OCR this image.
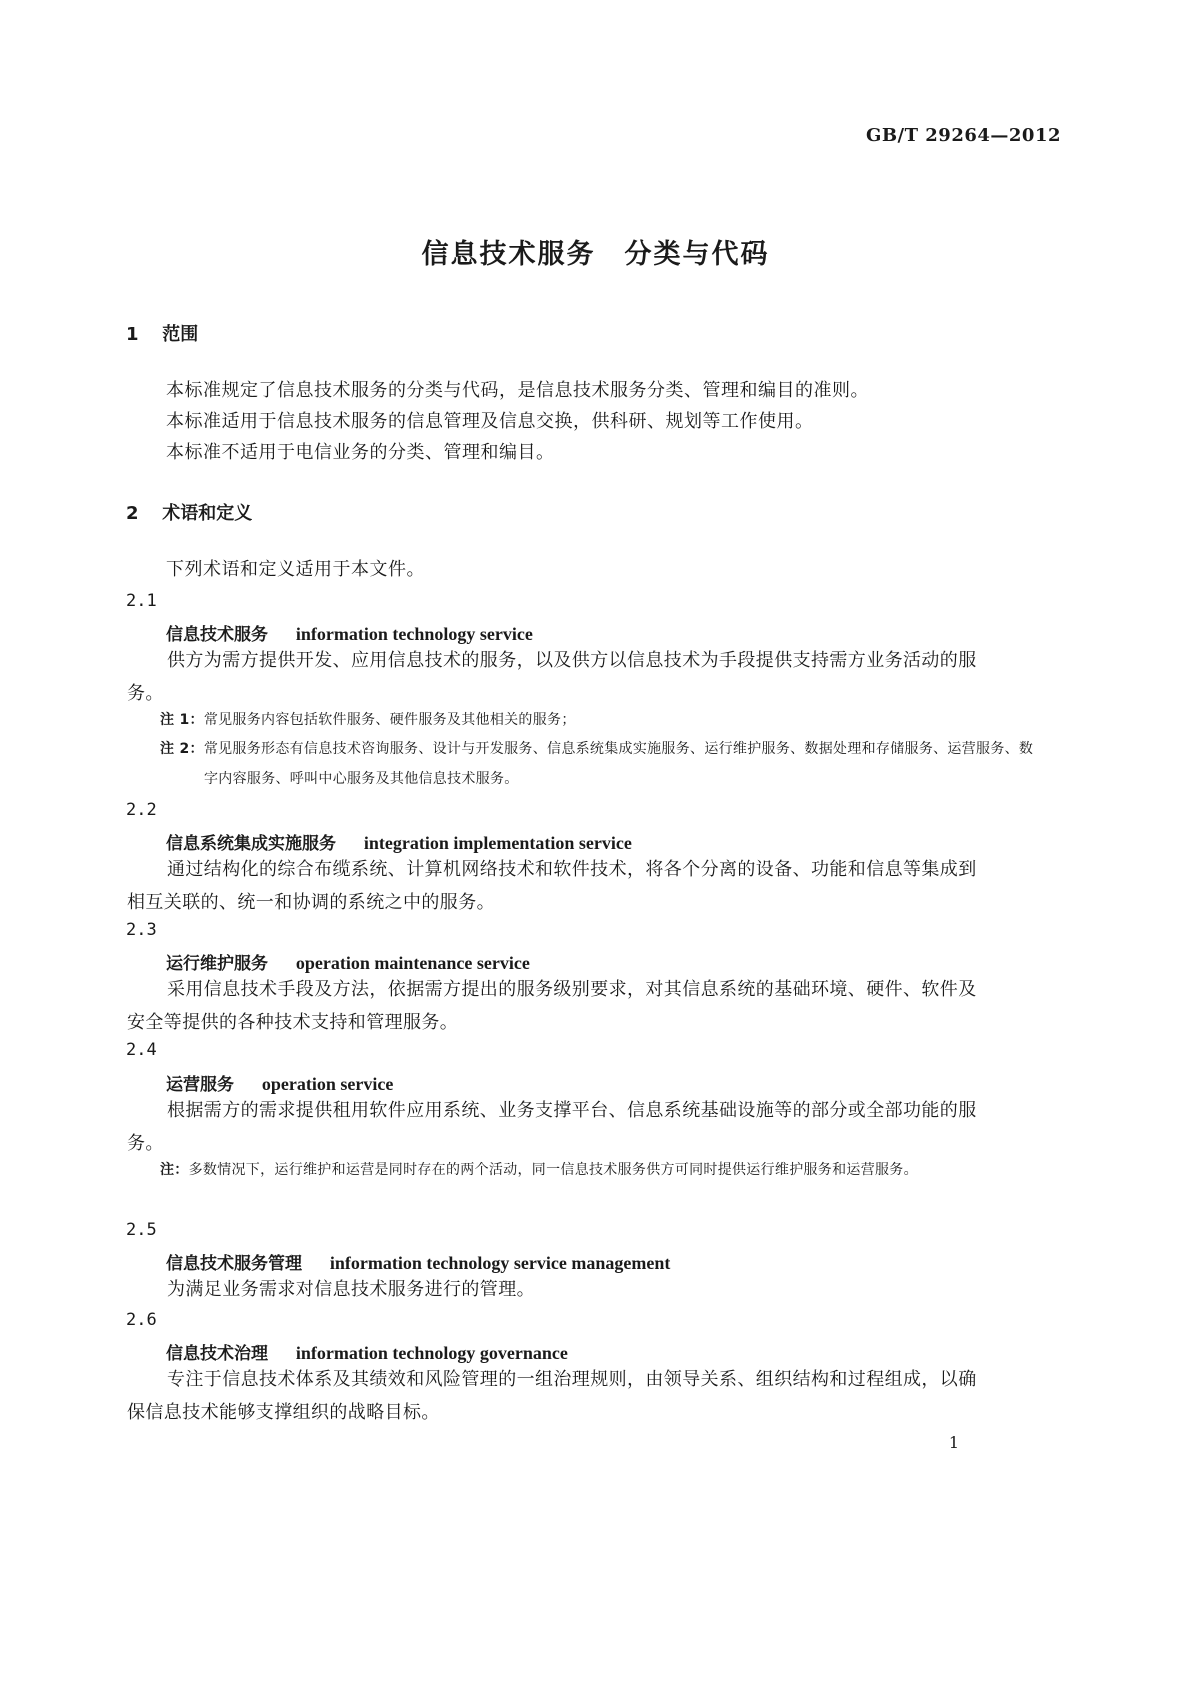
GB/T 29264—2012
信息技术服务　分类与代码
1 范围
本标准规定了信息技术服务的分类与代码，是信息技术服务分类、管理和编目的准则。
本标准适用于信息技术服务的信息管理及信息交换，供科研、规划等工作使用。
本标准不适用于电信业务的分类、管理和编目。
2 术语和定义
下列术语和定义适用于本文件。
2.1
信息技术服务 information technology service
供方为需方提供开发、应用信息技术的服务，以及供方以信息技术为手段提供支持需方业务活动的服务。
注 1：常见服务内容包括软件服务、硬件服务及其他相关的服务；
注 2：常见服务形态有信息技术咨询服务、设计与开发服务、信息系统集成实施服务、运行维护服务、数据处理和存储服务、运营服务、数字内容服务、呼叫中心服务及其他信息技术服务。
2.2
信息系统集成实施服务 integration implementation service
通过结构化的综合布缆系统、计算机网络技术和软件技术，将各个分离的设备、功能和信息等集成到相互关联的、统一和协调的系统之中的服务。
2.3
运行维护服务 operation maintenance service
采用信息技术手段及方法，依据需方提出的服务级别要求，对其信息系统的基础环境、硬件、软件及安全等提供的各种技术支持和管理服务。
2.4
运营服务 operation service
根据需方的需求提供租用软件应用系统、业务支撑平台、信息系统基础设施等的部分或全部功能的服务。
注：多数情况下，运行维护和运营是同时存在的两个活动，同一信息技术服务供方可同时提供运行维护服务和运营服务。
2.5
信息技术服务管理 information technology service management
为满足业务需求对信息技术服务进行的管理。
2.6
信息技术治理 information technology governance
专注于信息技术体系及其绩效和风险管理的一组治理规则，由领导关系、组织结构和过程组成，以确保信息技术能够支撑组织的战略目标。
1
